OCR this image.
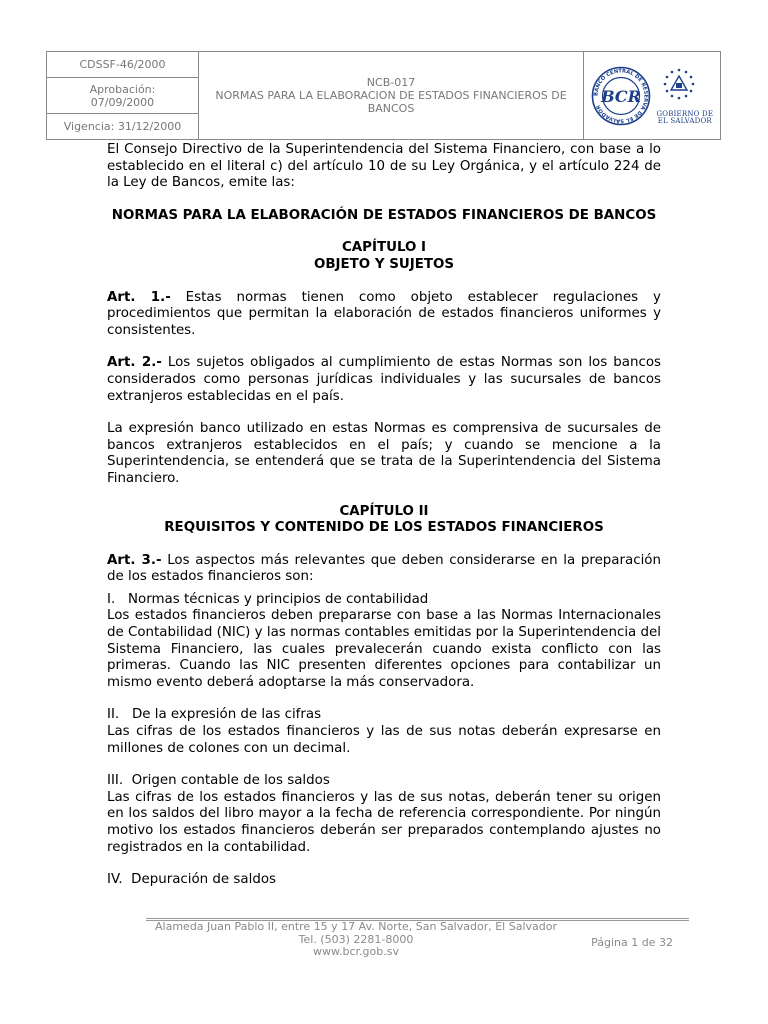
CDSSF-46/2000
Aprobación:
07/09/2000
Vigencia: 31/12/2000
NCB-017
NORMAS PARA LA ELABORACION DE ESTADOS FINANCIEROS DE BANCOS
BANCO CENTRAL DE RESERVA DE EL SALVADOR
BCR
GOBIERNO DE
EL SALVADOR

El Consejo Directivo de la Superintendencia del Sistema Financiero, con base a lo establecido en el literal c) del artículo 10 de su Ley Orgánica, y el artículo 224 de la Ley de Bancos, emite las:

NORMAS PARA LA ELABORACIÓN DE ESTADOS FINANCIEROS DE BANCOS

CAPÍTULO I

OBJETO Y SUJETOS

Art. 1.- Estas normas tienen como objeto establecer regulaciones y procedimientos que permitan la elaboración de estados financieros uniformes y consistentes.

Art. 2.- Los sujetos obligados al cumplimiento de estas Normas son los bancos considerados como personas jurídicas individuales y las sucursales de bancos extranjeros establecidas en el país.

La expresión banco utilizado en estas Normas es comprensiva de sucursales de bancos extranjeros establecidos en el país; y cuando se mencione a la Superintendencia, se entenderá que se trata de la Superintendencia del Sistema Financiero.

CAPÍTULO II

REQUISITOS Y CONTENIDO DE LOS ESTADOS FINANCIEROS

Art. 3.- Los aspectos más relevantes que deben considerarse en la preparación de los estados financieros son:

I. Normas técnicas y principios de contabilidad

Los estados financieros deben prepararse con base a las Normas Internacionales de Contabilidad (NIC) y las normas contables emitidas por la Superintendencia del Sistema Financiero, las cuales prevalecerán cuando exista conflicto con las primeras. Cuando las NIC presenten diferentes opciones para contabilizar un mismo evento deberá adoptarse la más conservadora.

II. De la expresión de las cifras

Las cifras de los estados financieros y las de sus notas deberán expresarse en millones de colones con un decimal.

III. Origen contable de los saldos

Las cifras de los estados financieros y las de sus notas, deberán tener su origen en los saldos del libro mayor a la fecha de referencia correspondiente. Por ningún motivo los estados financieros deberán ser preparados contemplando ajustes no registrados en la contabilidad.

IV. Depuración de saldos

Alameda Juan Pablo II, entre 15 y 17 Av. Norte, San Salvador, El Salvador
Tel. (503) 2281-8000
www.bcr.gob.sv
Página 1 de 32
